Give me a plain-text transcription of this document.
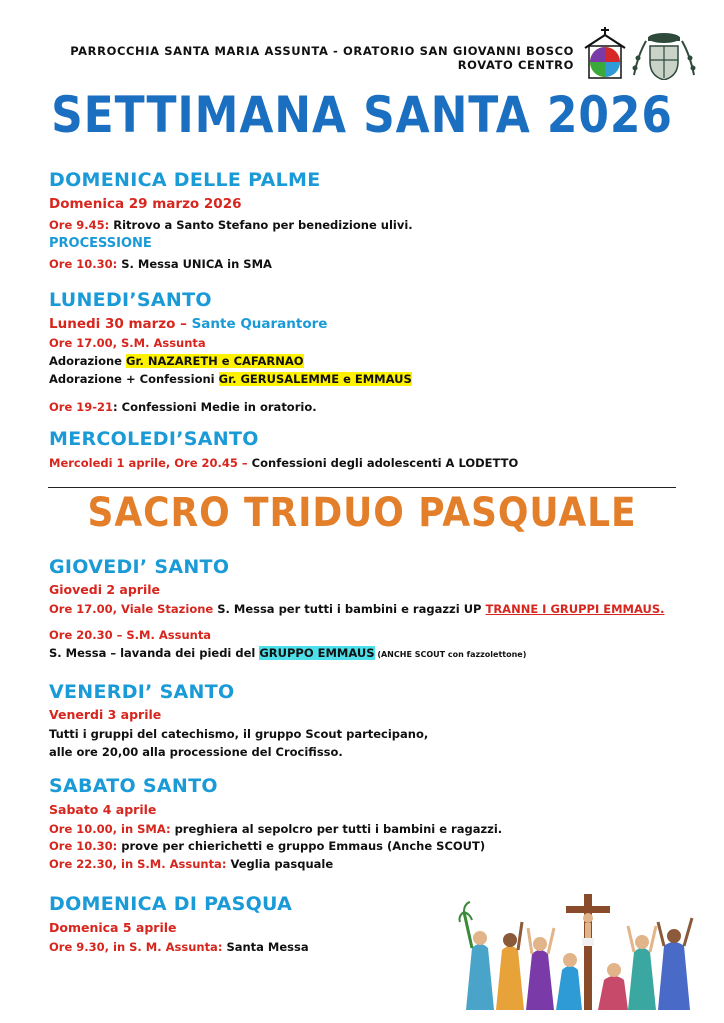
PARROCCHIA SANTA MARIA ASSUNTA - ORATORIO SAN GIOVANNI BOSCO
ROVATO CENTRO
SETTIMANA SANTA 2026
DOMENICA DELLE PALME
Domenica 29 marzo 2026
Ore 9.45: Ritrovo a Santo Stefano per benedizione ulivi.
PROCESSIONE
Ore 10.30: S. Messa UNICA in SMA
LUNEDI’SANTO
Lunedi 30 marzo – Sante Quarantore
Ore 17.00, S.M. Assunta
Adorazione Gr. NAZARETH e CAFARNAO
Adorazione + Confessioni Gr. GERUSALEMME e EMMAUS
Ore 19-21: Confessioni Medie in oratorio.
MERCOLEDI’SANTO
Mercoledi 1 aprile, Ore 20.45 – Confessioni degli adolescenti A LODETTO
SACRO TRIDUO PASQUALE
GIOVEDI’ SANTO
Giovedi 2 aprile
Ore 17.00, Viale Stazione S. Messa per tutti i bambini e ragazzi UP TRANNE I GRUPPI EMMAUS.
Ore 20.30 – S.M. Assunta
S. Messa – lavanda dei piedi del GRUPPO EMMAUS (ANCHE SCOUT con fazzolettone)
VENERDI’ SANTO
Venerdi 3 aprile
Tutti i gruppi del catechismo, il gruppo Scout partecipano,
alle ore 20,00 alla processione del Crocifisso.
SABATO SANTO
Sabato 4 aprile
Ore 10.00, in SMA: preghiera al sepolcro per tutti i bambini e ragazzi.
Ore 10.30: prove per chierichetti e gruppo Emmaus (Anche SCOUT)
Ore 22.30, in S.M. Assunta: Veglia pasquale
DOMENICA DI PASQUA
Domenica 5 aprile
Ore 9.30, in S. M. Assunta: Santa Messa
